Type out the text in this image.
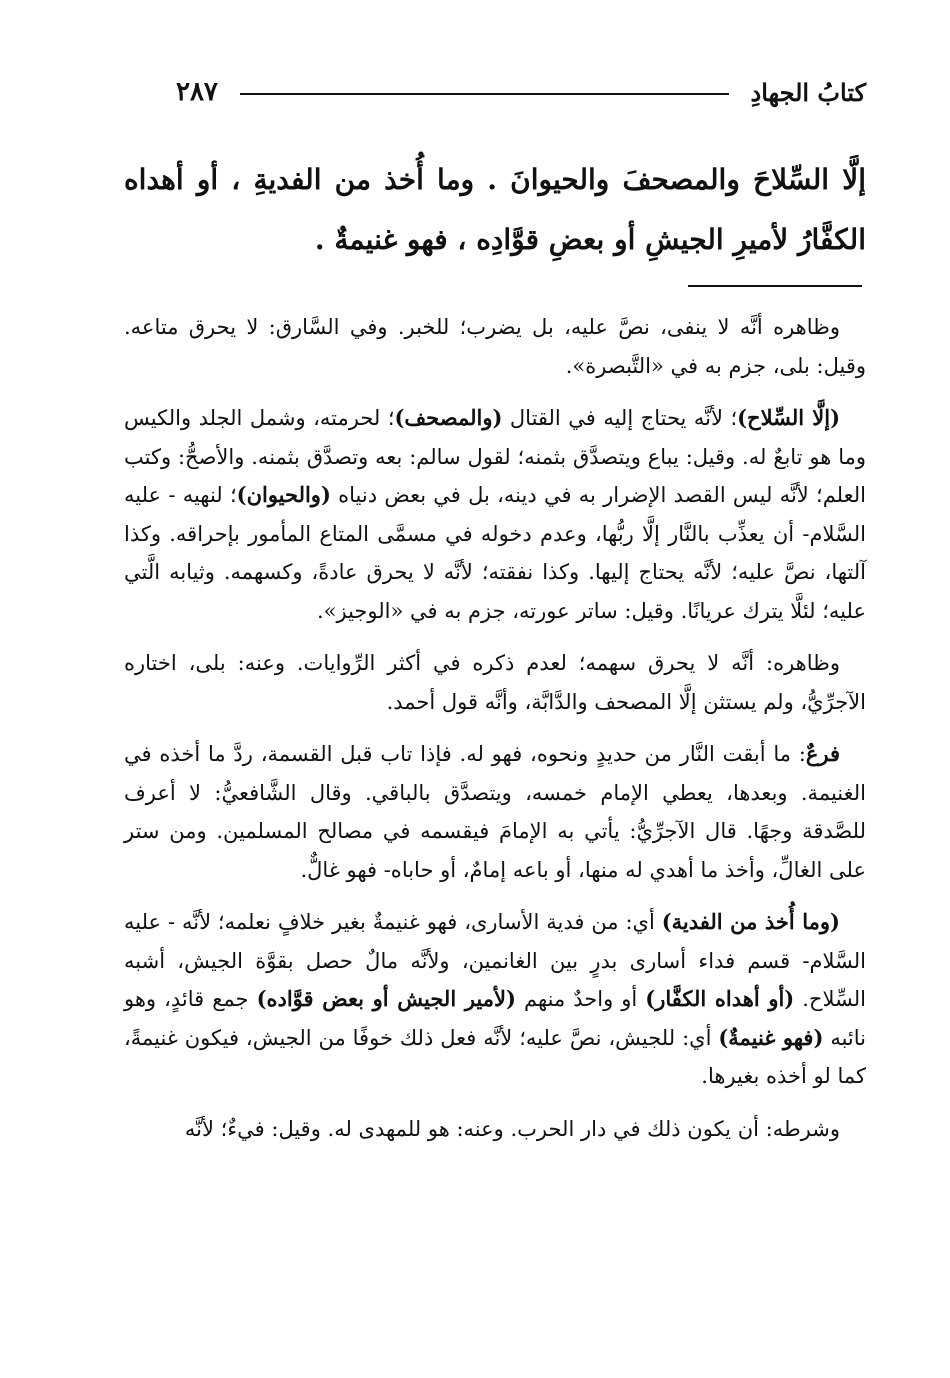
كتابُ الجهادِ
٢٨٧
إلَّا السِّلاحَ والمصحفَ والحيوانَ . وما أُخذ من الفديةِ ، أو أهداه الكفَّارُ لأميرِ الجيشِ أو بعضِ قوَّادِه ، فهو غنيمةٌ .

وظاهره أنَّه لا ينفى، نصَّ عليه، بل يضرب؛ للخبر. وفي السَّارق: لا يحرق متاعه. وقيل: بلى، جزم به في «التَّبصرة».

(إلَّا السِّلاح)؛ لأنَّه يحتاج إليه في القتال (والمصحف)؛ لحرمته، وشمل الجلد والكيس وما هو تابعٌ له. وقيل: يباع ويتصدَّق بثمنه؛ لقول سالم: بعه وتصدَّق بثمنه. والأصحُّ: وكتب العلم؛ لأنَّه ليس القصد الإضرار به في دينه، بل في بعض دنياه (والحيوان)؛ لنهيه - عليه السَّلام- أن يعذِّب بالنَّار إلَّا ربُّها، وعدم دخوله في مسمَّى المتاع المأمور بإحراقه. وكذا آلتها، نصَّ عليه؛ لأنَّه يحتاج إليها. وكذا نفقته؛ لأنَّه لا يحرق عادةً، وكسهمه. وثيابه الَّتي عليه؛ لئلَّا يترك عريانًا. وقيل: ساتر عورته، جزم به في «الوجيز».

وظاهره: أنَّه لا يحرق سهمه؛ لعدم ذكره في أكثر الرِّوايات. وعنه: بلى، اختاره الآجرِّيُّ، ولم يستثن إلَّا المصحف والدَّابَّة، وأنَّه قول أحمد.

فرعٌ: ما أبقت النَّار من حديدٍ ونحوه، فهو له. فإذا تاب قبل القسمة، ردَّ ما أخذه في الغنيمة. وبعدها، يعطي الإمام خمسه، ويتصدَّق بالباقي. وقال الشَّافعيُّ: لا أعرف للصَّدقة وجهًا. قال الآجرِّيُّ: يأتي به الإمامَ فيقسمه في مصالح المسلمين. ومن ستر على الغالِّ، وأخذ ما أهدي له منها، أو باعه إمامٌ، أو حاباه- فهو غالٌّ.

(وما أُخذ من الفدية) أي: من فدية الأسارى، فهو غنيمةٌ بغير خلافٍ نعلمه؛ لأنَّه - عليه السَّلام- قسم فداء أسارى بدرٍ بين الغانمين، ولأنَّه مالٌ حصل بقوَّة الجيش، أشبه السِّلاح. (أو أهداه الكفَّار) أو واحدٌ منهم (لأمير الجيش أو بعض قوَّاده) جمع قائدٍ، وهو نائبه (فهو غنيمةٌ) أي: للجيش، نصَّ عليه؛ لأنَّه فعل ذلك خوفًا من الجيش، فيكون غنيمةً، كما لو أخذه بغيرها.

وشرطه: أن يكون ذلك في دار الحرب. وعنه: هو للمهدى له. وقيل: فيءٌ؛ لأنَّه
